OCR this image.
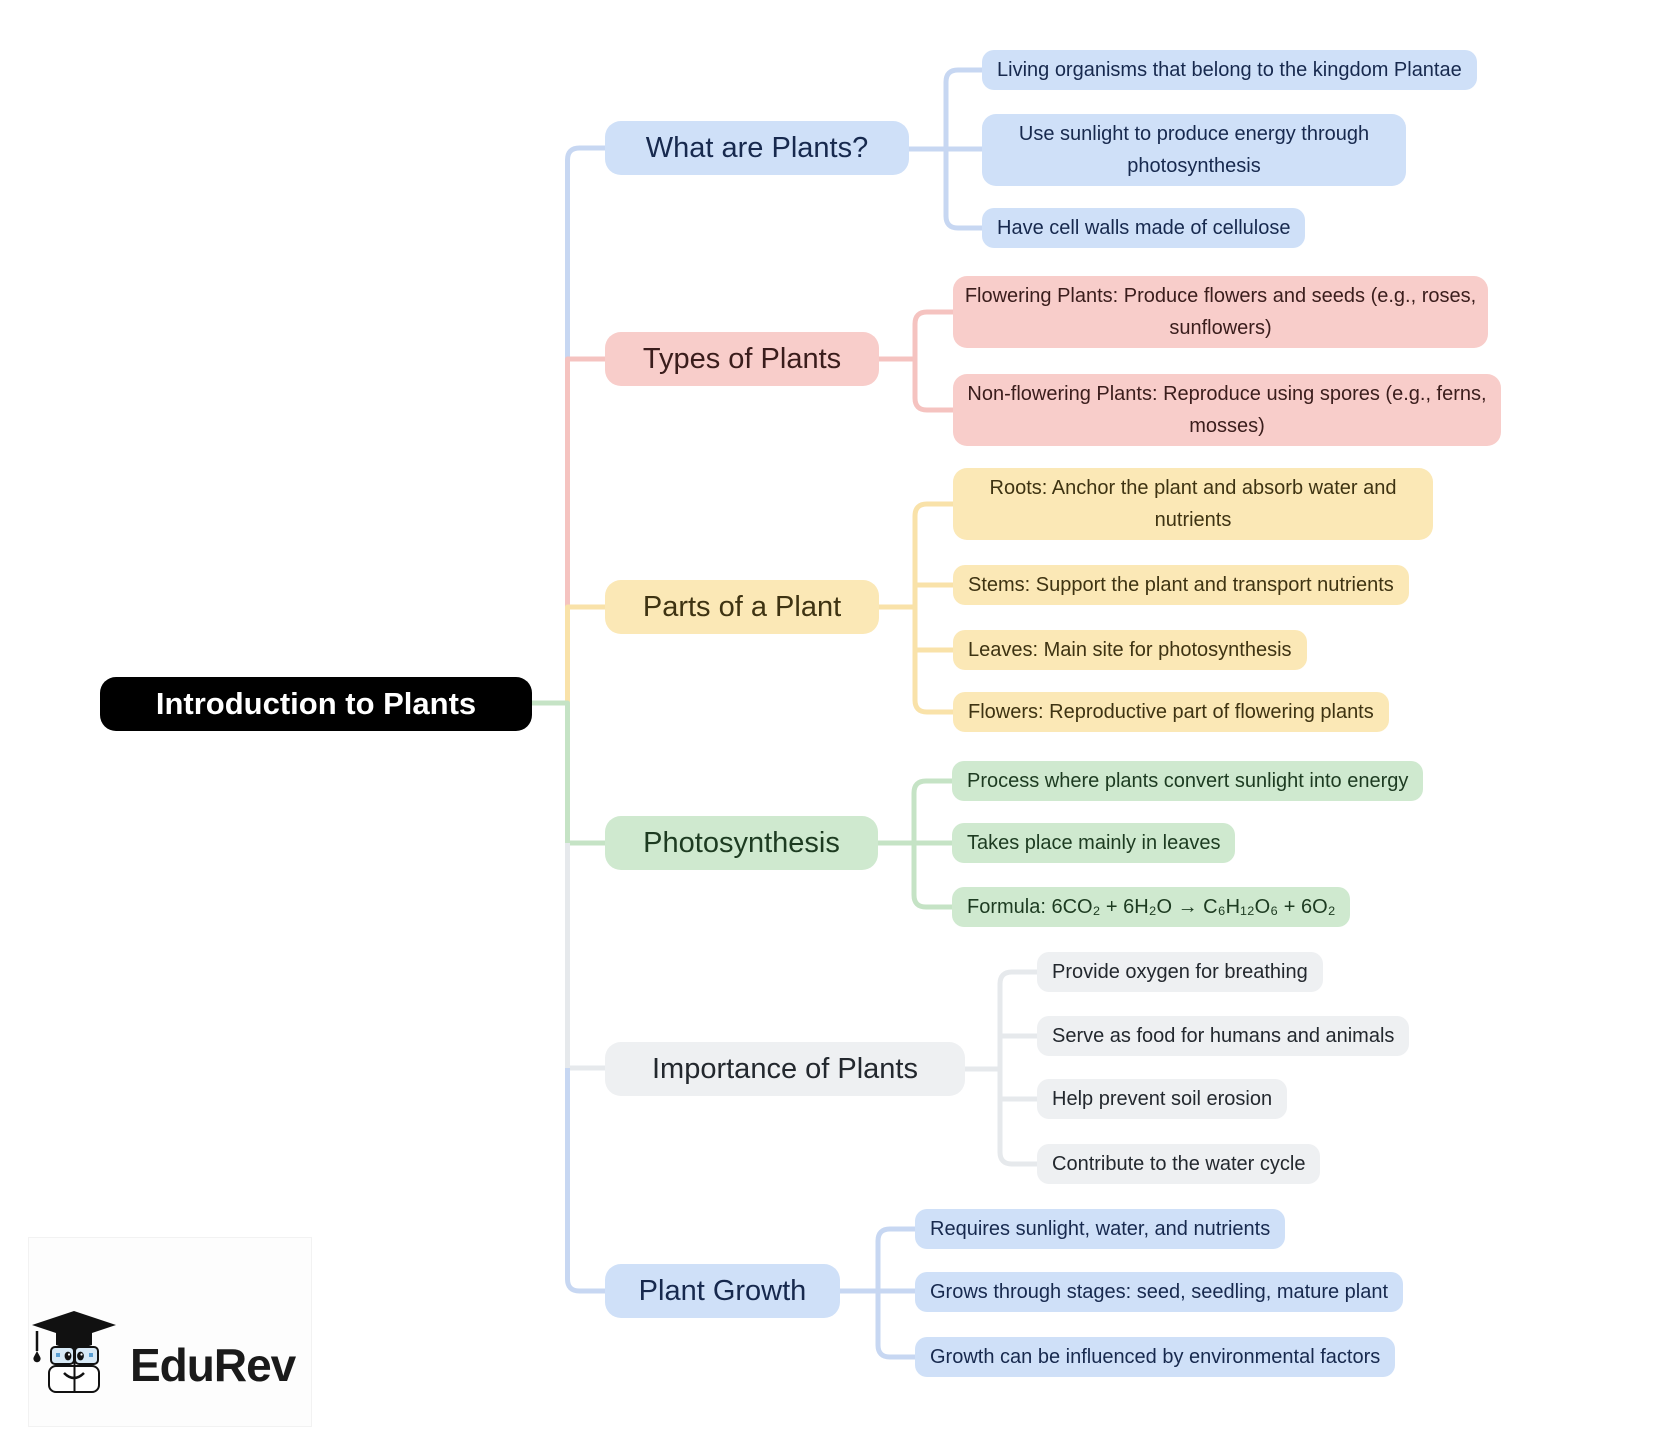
Introduction to Plants
What are Plants?
Living organisms that belong to the kingdom Plantae
Use sunlight to produce energy through photosynthesis
Have cell walls made of cellulose
Types of Plants
Flowering Plants: Produce flowers and seeds (e.g., roses, sunflowers)
Non-flowering Plants: Reproduce using spores (e.g., ferns, mosses)
Parts of a Plant
Roots: Anchor the plant and absorb water and nutrients
Stems: Support the plant and transport nutrients
Leaves: Main site for photosynthesis
Flowers: Reproductive part of flowering plants
Photosynthesis
Process where plants convert sunlight into energy
Takes place mainly in leaves
Formula: 6CO₂ + 6H₂O → C₆H₁₂O₆ + 6O₂
Importance of Plants
Provide oxygen for breathing
Serve as food for humans and animals
Help prevent soil erosion
Contribute to the water cycle
Plant Growth
Requires sunlight, water, and nutrients
Grows through stages: seed, seedling, mature plant
Growth can be influenced by environmental factors
EduRev
